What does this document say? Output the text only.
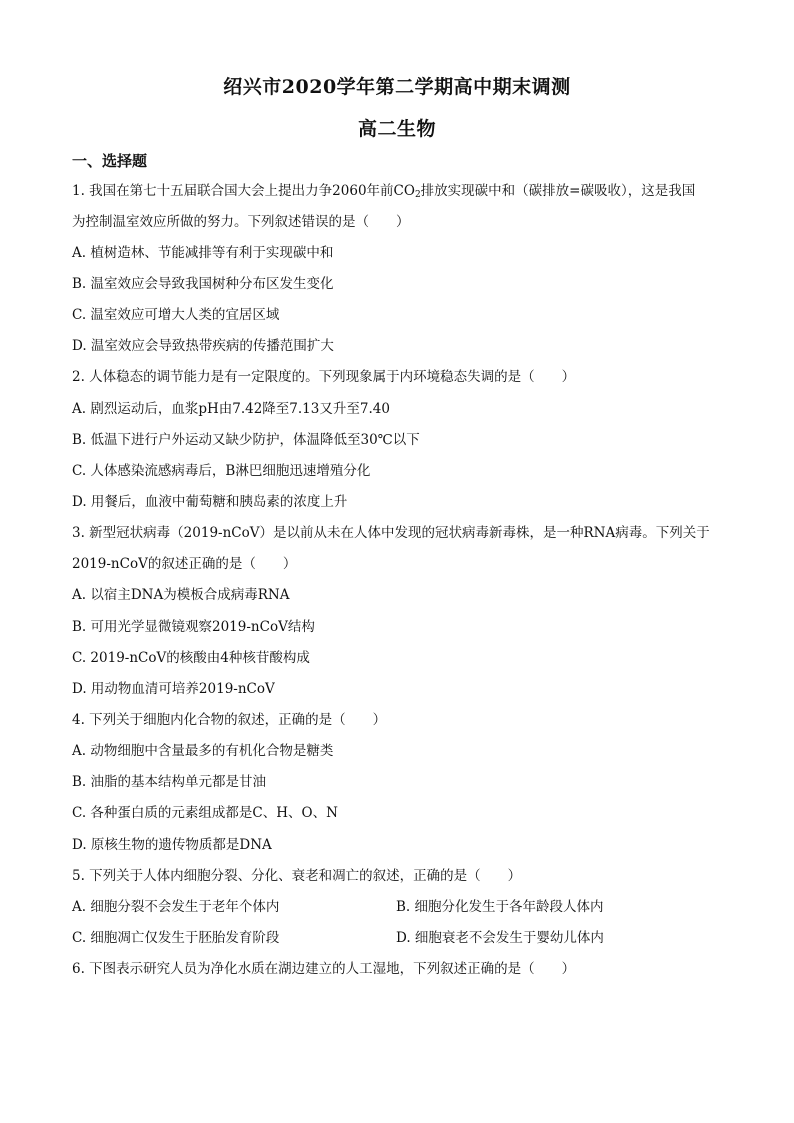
绍兴市2020学年第二学期高中期末调测
高二生物
一、选择题
1. 我国在第七十五届联合国大会上提出力争2060年前$CO_2$排放实现碳中和（碳排放=碳吸收），这是我国
为控制温室效应所做的努力。下列叙述错误的是（　　）
A. 植树造林、节能减排等有利于实现碳中和
B. 温室效应会导致我国树种分布区发生变化
C. 温室效应可增大人类的宜居区域
D. 温室效应会导致热带疾病的传播范围扩大
2. 人体稳态的调节能力是有一定限度的。下列现象属于内环境稳态失调的是（　　）
A. 剧烈运动后，血浆pH由7.42降至7.13又升至7.40
B. 低温下进行户外运动又缺少防护，体温降低至30℃以下
C. 人体感染流感病毒后，B淋巴细胞迅速增殖分化
D. 用餐后，血液中葡萄糖和胰岛素的浓度上升
3. 新型冠状病毒（2019-nCoV）是以前从未在人体中发现的冠状病毒新毒株，是一种RNA病毒。下列关于
2019-nCoV的叙述正确的是（　　）
A. 以宿主DNA为模板合成病毒RNA
B. 可用光学显微镜观察2019-nCoV结构
C. 2019-nCoV的核酸由4种核苷酸构成
D. 用动物血清可培养2019-nCoV
4. 下列关于细胞内化合物的叙述，正确的是（　　）
A. 动物细胞中含量最多的有机化合物是糖类
B. 油脂的基本结构单元都是甘油
C. 各种蛋白质的元素组成都是C、H、O、N
D. 原核生物的遗传物质都是DNA
5. 下列关于人体内细胞分裂、分化、衰老和凋亡的叙述，正确的是（　　）
A. 细胞分裂不会发生于老年个体内	B. 细胞分化发生于各年龄段人体内
C. 细胞凋亡仅发生于胚胎发育阶段	D. 细胞衰老不会发生于婴幼儿体内
6. 下图表示研究人员为净化水质在湖边建立的人工湿地，下列叙述正确的是（　　）
